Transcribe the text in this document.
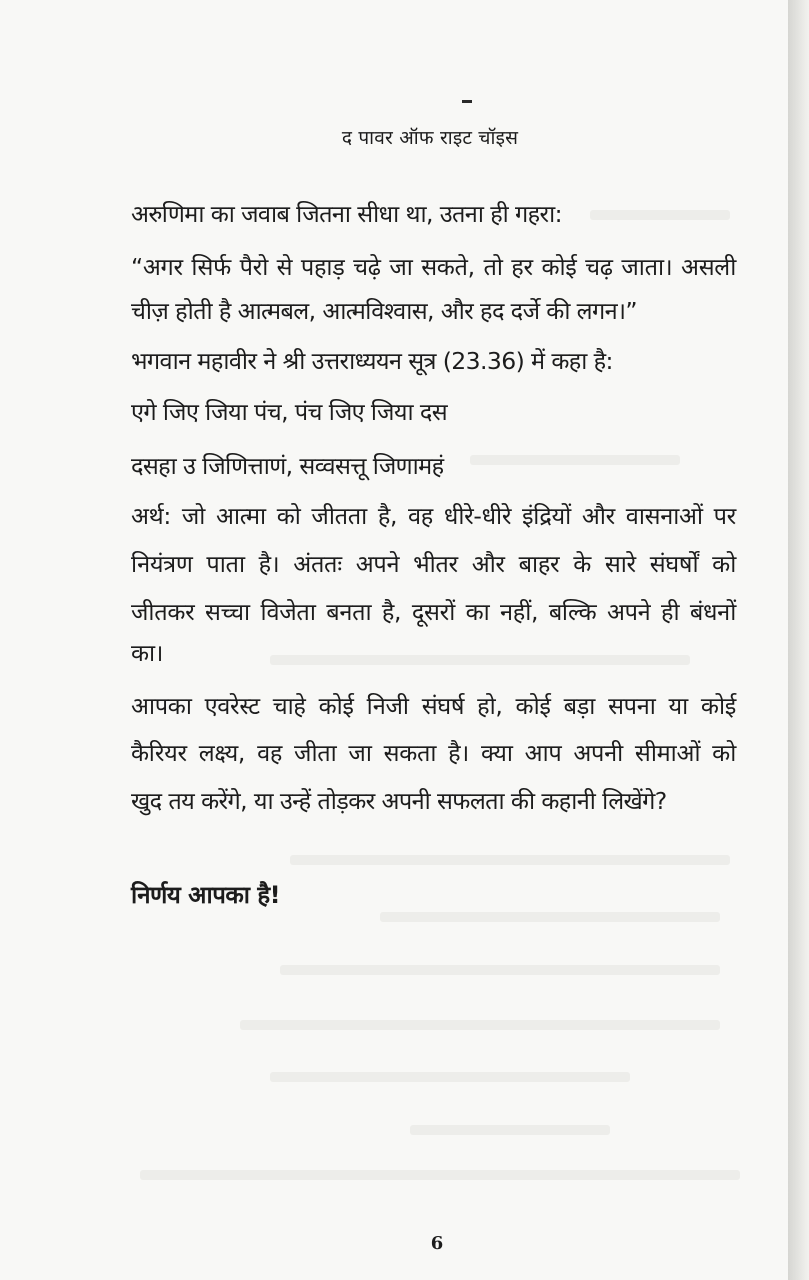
द पावर ऑफ राइट चॉइस
अरुणिमा का जवाब जितना सीधा था, उतना ही गहरा:
“अगर सिर्फ पैरो से पहाड़ चढ़े जा सकते, तो हर कोई चढ़ जाता। असली
चीज़ होती है आत्मबल, आत्मविश्वास, और हद दर्जे की लगन।”
भगवान महावीर ने श्री उत्तराध्ययन सूत्र (23.36) में कहा है:
एगे जिए जिया पंच, पंच जिए जिया दस
दसहा उ जिणित्ताणं, सव्वसत्तू जिणामहं
अर्थ: जो आत्मा को जीतता है, वह धीरे-धीरे इंद्रियों और वासनाओं पर
नियंत्रण पाता है। अंततः अपने भीतर और बाहर के सारे संघर्षों को
जीतकर सच्चा विजेता बनता है, दूसरों का नहीं, बल्कि अपने ही बंधनों
का।
आपका एवरेस्ट चाहे कोई निजी संघर्ष हो, कोई बड़ा सपना या कोई
कैरियर लक्ष्य, वह जीता जा सकता है। क्या आप अपनी सीमाओं को
खुद तय करेंगे, या उन्हें तोड़कर अपनी सफलता की कहानी लिखेंगे?
निर्णय आपका है!
6
